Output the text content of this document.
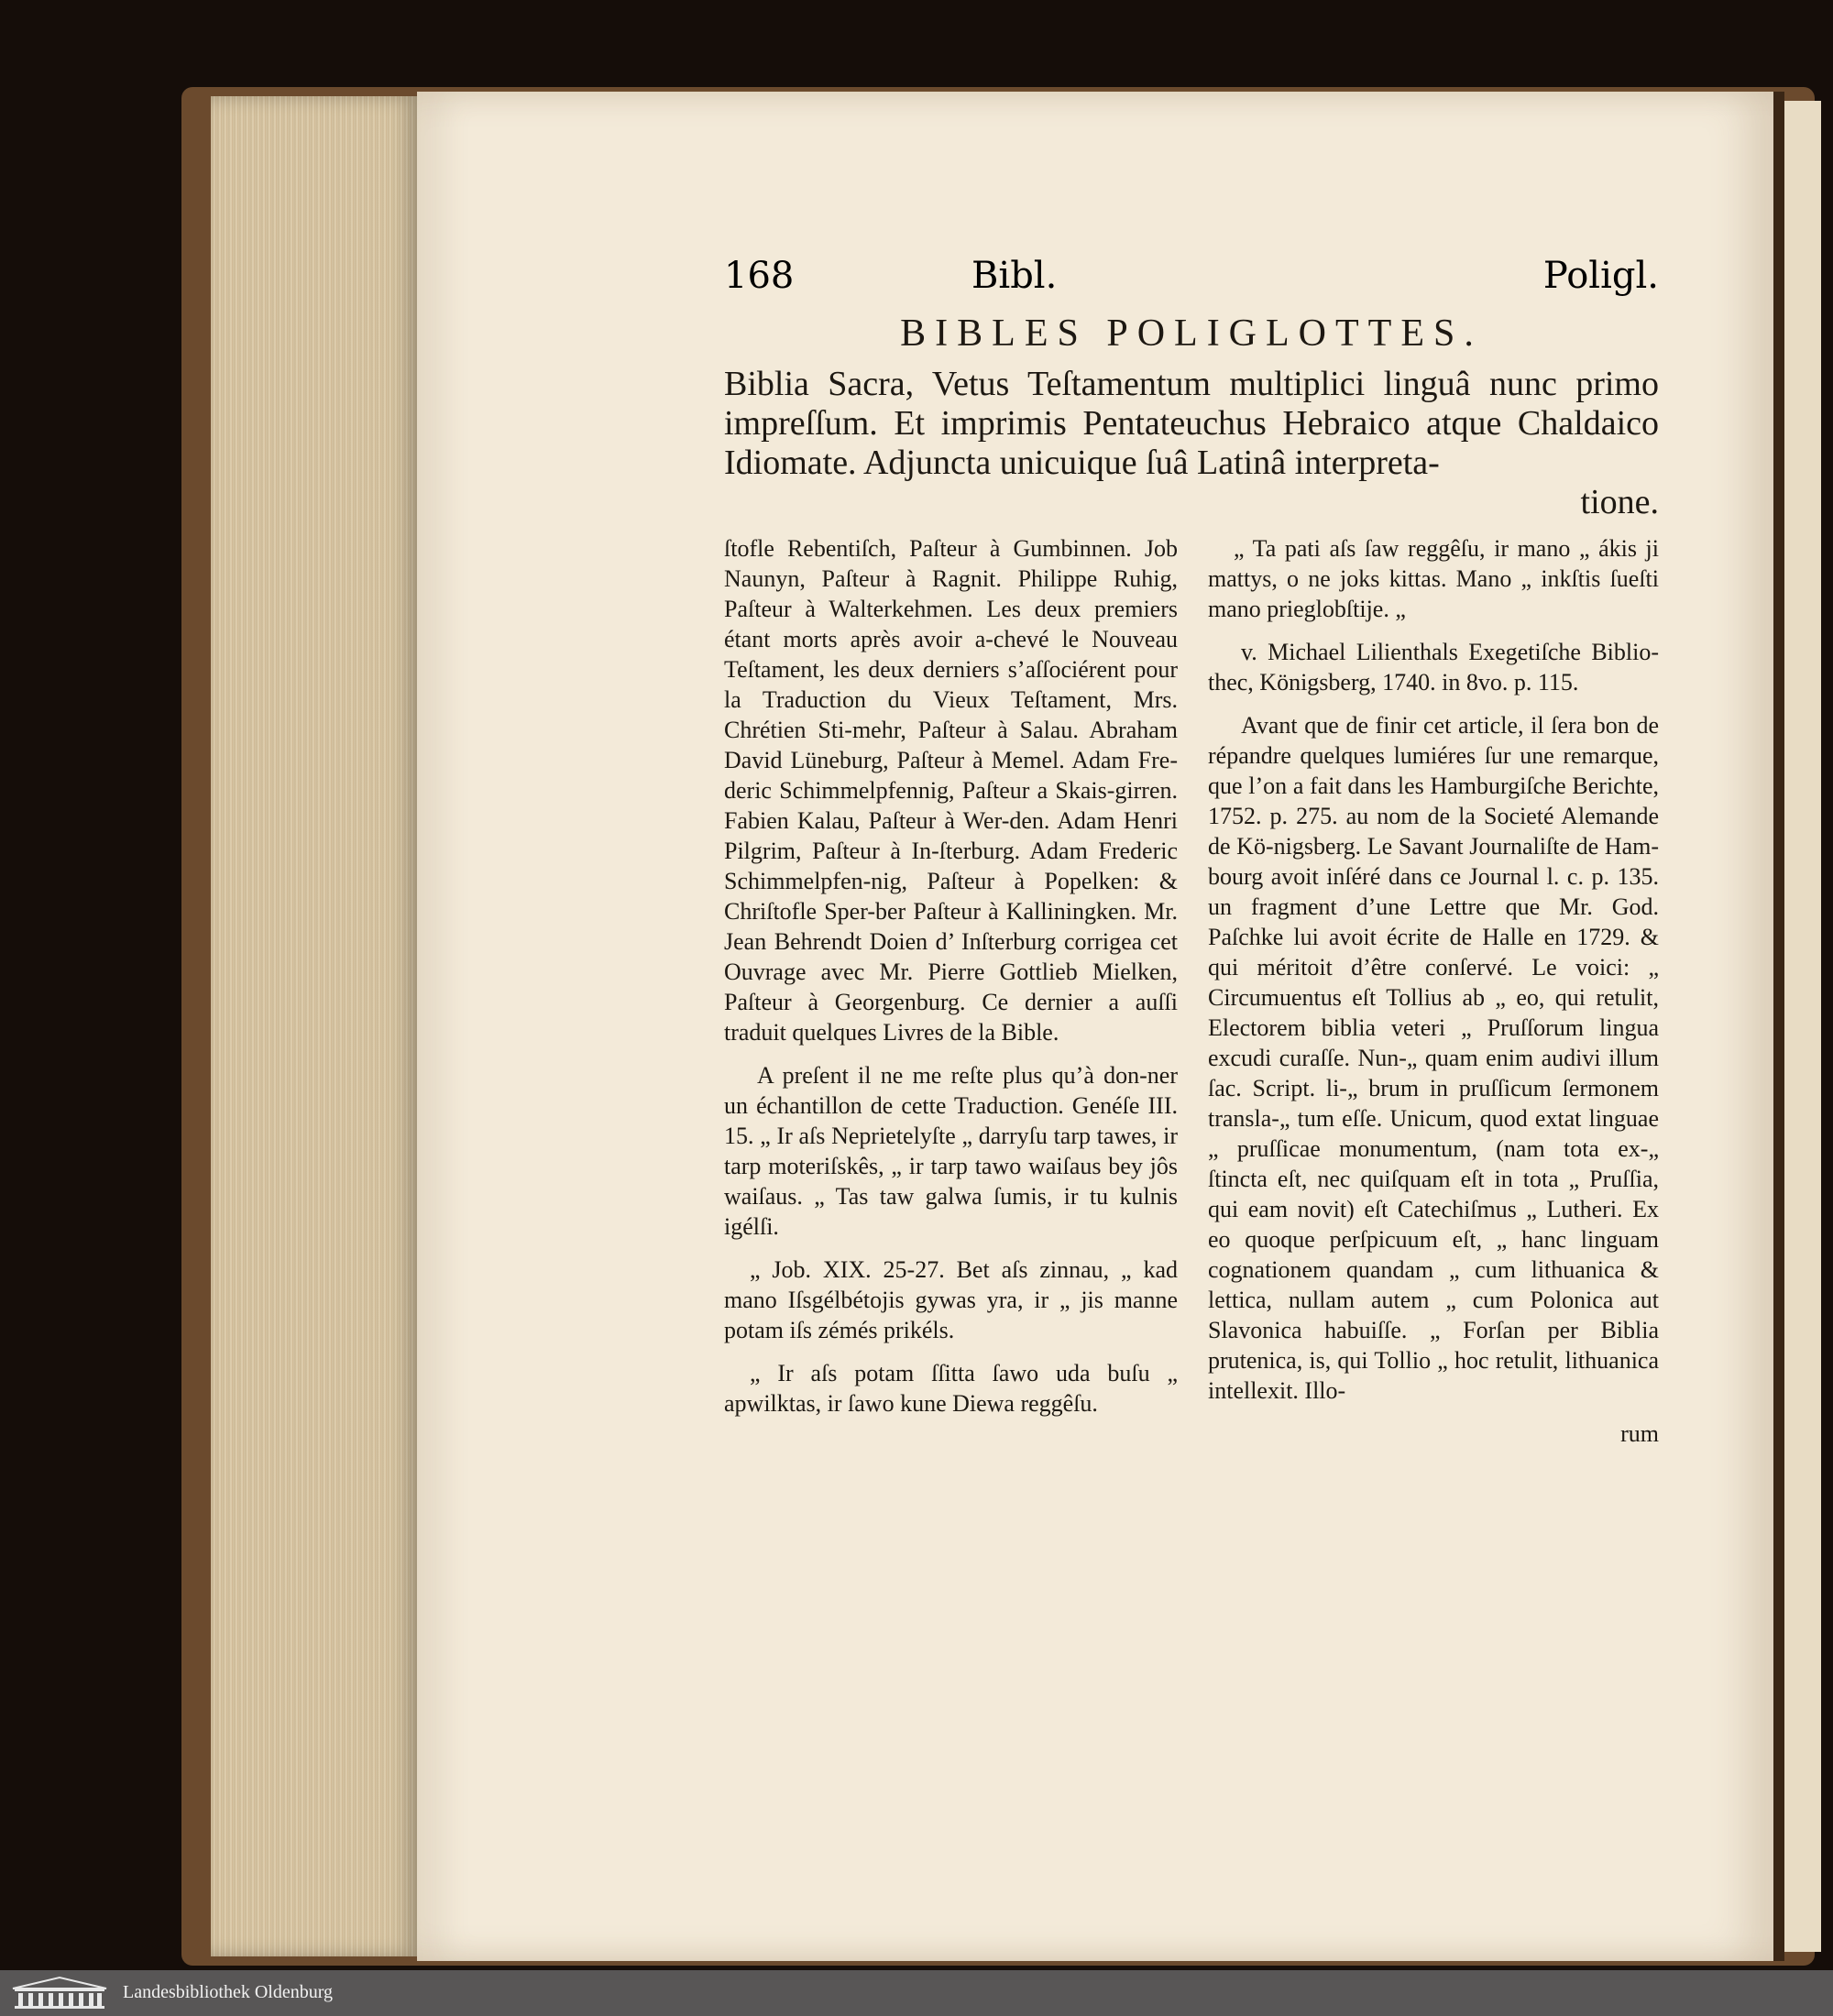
168	Bibl.	Poligl.
BIBLES POLIGLOTTES.
Biblia Sacra, Vetus Teſtamentum multiplici linguâ nunc primo impreſſum. Et imprimis Pentateuchus Hebraico atque Chaldaico Idiomate. Adjuncta unicuique ſuâ Latinâ interpreta-
tione.

ſtofle Rebentiſch, Paſteur à Gumbinnen. Job Naunyn, Paſteur à Ragnit. Philippe Ruhig, Paſteur à Walterkehmen. Les deux premiers étant morts après avoir a-chevé le Nouveau Teſtament, les deux derniers s’aſſociérent pour la Traduction du Vieux Teſtament, Mrs. Chrétien Sti-mehr, Paſteur à Salau. Abraham David Lüneburg, Paſteur à Memel. Adam Fre-deric Schimmelpfennig, Paſteur a Skais-girren. Fabien Kalau, Paſteur à Wer-den. Adam Henri Pilgrim, Paſteur à In-ſterburg. Adam Frederic Schimmelpfen-nig, Paſteur à Popelken: & Chriſtofle Sper-ber Paſteur à Kalliningken. Mr. Jean Behrendt Doien d’ Inſterburg corrigea cet Ouvrage avec Mr. Pierre Gottlieb Mielken, Paſteur à Georgenburg. Ce dernier a auſſi traduit quelques Livres de la Bible.

A preſent il ne me reſte plus qu’à don-ner un échantillon de cette Traduction. Genéſe III. 15. „ Ir aſs Neprietelyſte „ darryſu tarp tawes, ir tarp moteriſskês, „ ir tarp tawo waiſaus bey jôs waiſaus. „ Tas taw galwa ſumis, ir tu kulnis igélſi.

„ Job. XIX. 25-27. Bet aſs zinnau, „ kad mano Iſsgélbétojis gywas yra, ir „ jis manne potam iſs zémés prikéls.

„ Ir aſs potam ſſitta ſawo uda buſu „ apwilktas, ir ſawo kune Diewa reggêſu.

„ Ta pati aſs ſaw reggêſu, ir mano „ ákis ji mattys, o ne joks kittas. Mano „ inkſtis ſueſti mano prieglobſtije. „

v. Michael Lilienthals Exegetiſche Biblio-thec, Königsberg, 1740. in 8vo. p. 115.

Avant que de finir cet article, il ſera bon de répandre quelques lumiéres ſur une remarque, que l’on a fait dans les Hamburgiſche Berichte, 1752. p. 275. au nom de la Societé Alemande de Kö-nigsberg. Le Savant Journaliſte de Ham-bourg avoit inſéré dans ce Journal l. c. p. 135. un fragment d’une Lettre que Mr. God. Paſchke lui avoit écrite de Halle en 1729. & qui méritoit d’être conſervé. Le voici: „ Circumuentus eſt Tollius ab „ eo, qui retulit, Electorem biblia veteri „ Pruſſorum lingua excudi curaſſe. Nun-„ quam enim audivi illum ſac. Script. li-„ brum in pruſſicum ſermonem transla-„ tum eſſe. Unicum, quod extat linguae „ pruſſicae monumentum, (nam tota ex-„ ſtincta eſt, nec quiſquam eſt in tota „ Pruſſia, qui eam novit) eſt Catechiſmus „ Lutheri. Ex eo quoque perſpicuum eſt, „ hanc linguam cognationem quandam „ cum lithuanica & lettica, nullam autem „ cum Polonica aut Slavonica habuiſſe. „ Forſan per Biblia prutenica, is, qui Tollio „ hoc retulit, lithuanica intellexit. Illo-

rum
Landesbibliothek Oldenburg
